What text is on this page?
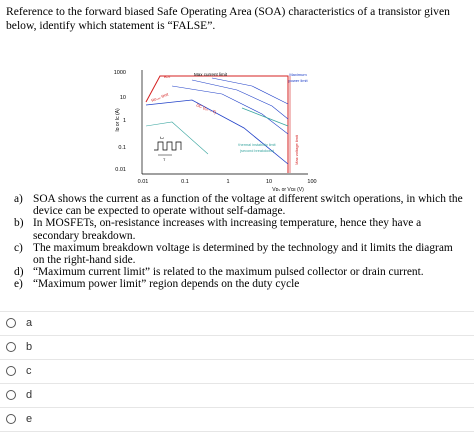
Reference to the forward biased Safe Operating Area (SOA) characteristics of a transistor given below, identify which statement is “FALSE”.
1000
10
1
0.1
0.01
Iᴅ or Iᴄ (A)
0.01	0.1	1	10	100
Vᴅₛ or Vᴄᴇ (V)
BJT	Max current limit	Maximum
power limit
Rᴅₛₒₙ limit
DC (tₒₙ→T)
thermal instability limit
(second breakdown)	Max voltage limit
tₒₙ
T
a) SOA shows the current as a function of the voltage at different switch operations, in which the device can be expected to operate without self-damage.
b) In MOSFETs, on-resistance increases with increasing temperature, hence they have a secondary breakdown.
c) The maximum breakdown voltage is determined by the technology and it limits the diagram on the right-hand side.
d) “Maximum current limit” is related to the maximum pulsed collector or drain current.
e) “Maximum power limit” region depends on the duty cycle
a
b
c
d
e
